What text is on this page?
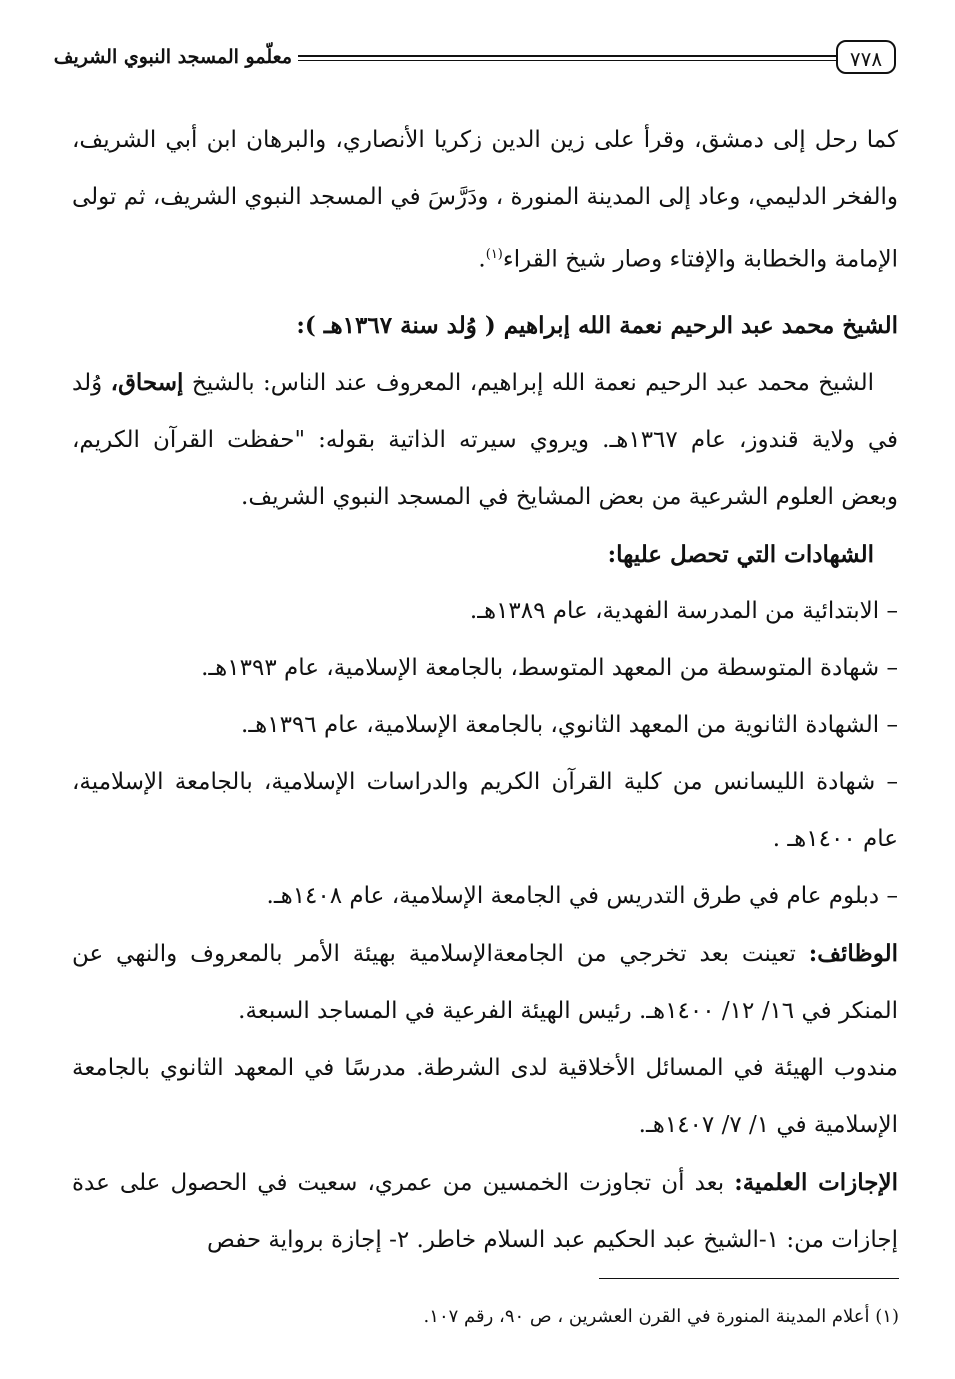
٧٧٨
معلّمو المسجد النبوي الشريف

كما رحل إلى دمشق، وقرأ على زين الدين زكريا الأنصاري، والبرهان ابن أبي الشريف، والفخر الدليمي، وعاد إلى المدينة المنورة ، ودَرَّسَ في المسجد النبوي الشريف، ثم تولى الإمامة والخطابة والإفتاء وصار شيخ القراء$^{(١)}$.

الشيخ محمد عبد الرحيم نعمة الله إبراهيم ( وُلد سنة ١٣٦٧هـ ):

الشيخ محمد عبد الرحيم نعمة الله إبراهيم، المعروف عند الناس: بالشيخ إسحاق، وُلد في ولاية قندوز، عام ١٣٦٧هـ. ويروي سيرته الذاتية بقوله: "حفظت القرآن الكريم، وبعض العلوم الشرعية من بعض المشايخ في المسجد النبوي الشريف.

الشهادات التي تحصل عليها:

– الابتدائية من المدرسة الفهدية، عام ١٣٨٩هـ.

– شهادة المتوسطة من المعهد المتوسط، بالجامعة الإسلامية، عام ١٣٩٣هـ.

– الشهادة الثانوية من المعهد الثانوي، بالجامعة الإسلامية، عام ١٣٩٦هـ.

– شهادة الليسانس من كلية القرآن الكريم والدراسات الإسلامية، بالجامعة الإسلامية، عام ١٤٠٠هـ .

– دبلوم عام في طرق التدريس في الجامعة الإسلامية، عام ١٤٠٨هـ.

الوظائف: تعينت بعد تخرجي من الجامعةالإسلامية بهيئة الأمر بالمعروف والنهي عن المنكر في ١٦/ ١٢/ ١٤٠٠هـ. رئيس الهيئة الفرعية في المساجد السبعة.

مندوب الهيئة في المسائل الأخلاقية لدى الشرطة. مدرسًا في المعهد الثانوي بالجامعة الإسلامية في ١/ ٧/ ١٤٠٧هـ.

الإجازات العلمية: بعد أن تجاوزت الخمسين من عمري، سعيت في الحصول على عدة إجازات من: ١-الشيخ عبد الحكيم عبد السلام خاطر. ٢- إجازة برواية حفص

(١) أعلام المدينة المنورة في القرن العشرين ، ص ٩٠، رقم ١٠٧.
